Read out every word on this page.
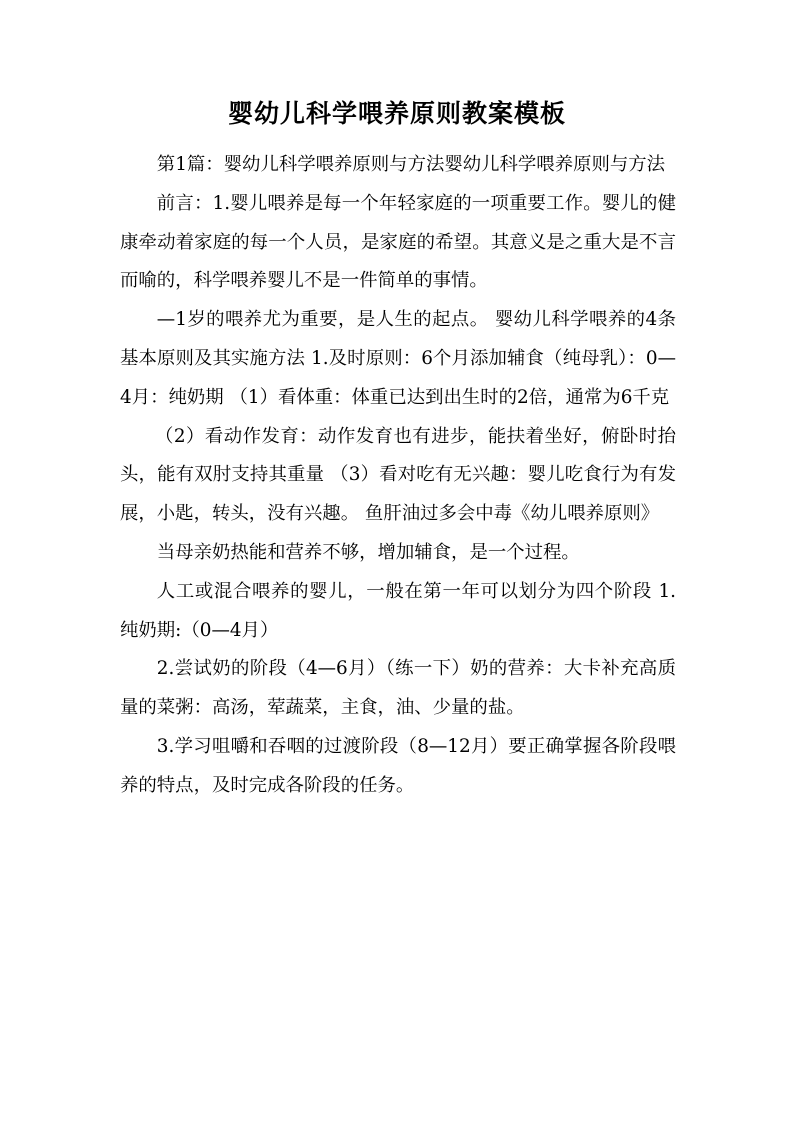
婴幼儿科学喂养原则教案模板

第1篇：婴幼儿科学喂养原则与方法婴幼儿科学喂养原则与方法

前言：1.婴儿喂养是每一个年轻家庭的一项重要工作。婴儿的健康牵动着家庭的每一个人员，是家庭的希望。其意义是之重大是不言而喻的，科学喂养婴儿不是一件简单的事情。

—1岁的喂养尤为重要，是人生的起点。 婴幼儿科学喂养的4条基本原则及其实施方法 1.及时原则：6个月添加辅食（纯母乳）：0—4月：纯奶期 （1）看体重：体重已达到出生时的2倍，通常为6千克

（2）看动作发育：动作发育也有进步，能扶着坐好，俯卧时抬头，能有双肘支持其重量 （3）看对吃有无兴趣：婴儿吃食行为有发展，小匙，转头，没有兴趣。 鱼肝油过多会中毒《幼儿喂养原则》

当母亲奶热能和营养不够，增加辅食，是一个过程。

人工或混合喂养的婴儿，一般在第一年可以划分为四个阶段 1.纯奶期:（0—4月）

2.尝试奶的阶段（4—6月）（练一下）奶的营养：大卡补充高质量的菜粥：高汤，荤蔬菜，主食，油、少量的盐。

3.学习咀嚼和吞咽的过渡阶段（8—12月）要正确掌握各阶段喂养的特点，及时完成各阶段的任务。
